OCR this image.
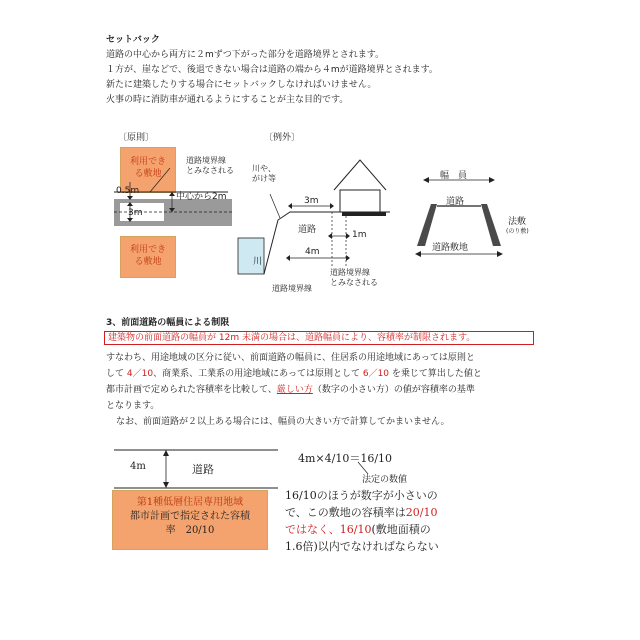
セットバック
道路の中心から両方に２mずつ下がった部分を道路境界とされます。
１方が、崖などで、後退できない場合は道路の端から４mが道路境界とされます。
新たに建築したりする場合にセットバックしなければいけません。
火事の時に消防車が通れるようにすることが主な目的です。
〔原則〕
利用でき
る敷地
利用でき
る敷地
道路境界線
とみなされる
中心から2m
0.5m
3m
〔例外〕
川や、
がけ等
3m
道路	1m
川
4m
道路境界線
道路境界線
とみなされる
幅　員
道路
法敷
(のり敷)
道路敷地
3、前面道路の幅員による制限
建築物の前面道路の幅員が 12m 未満の場合は、道路幅員により、容積率が制限されます。
すなわち、用途地域の区分に従い、前面道路の幅員に、住居系の用途地域にあっては原則と
して 4／10、商業系、工業系の用途地域にあっては原則として 6／10 を乗じて算出した値と
都市計画で定められた容積率を比較して、厳しい方（数字の小さい方）の値が容積率の基準
となります。
なお、前面道路が２以上ある場合には、幅員の大きい方で計算してかまいません。
4m	道路
第1種低層住居専用地域
都市計画で指定された容積
率　20/10
4m×4/10＝16/10
法定の数値
16/10のほうが数字が小さいの
で、この敷地の容積率は20/10
ではなく、16/10(敷地面積の
1.6倍)以内でなければならない
